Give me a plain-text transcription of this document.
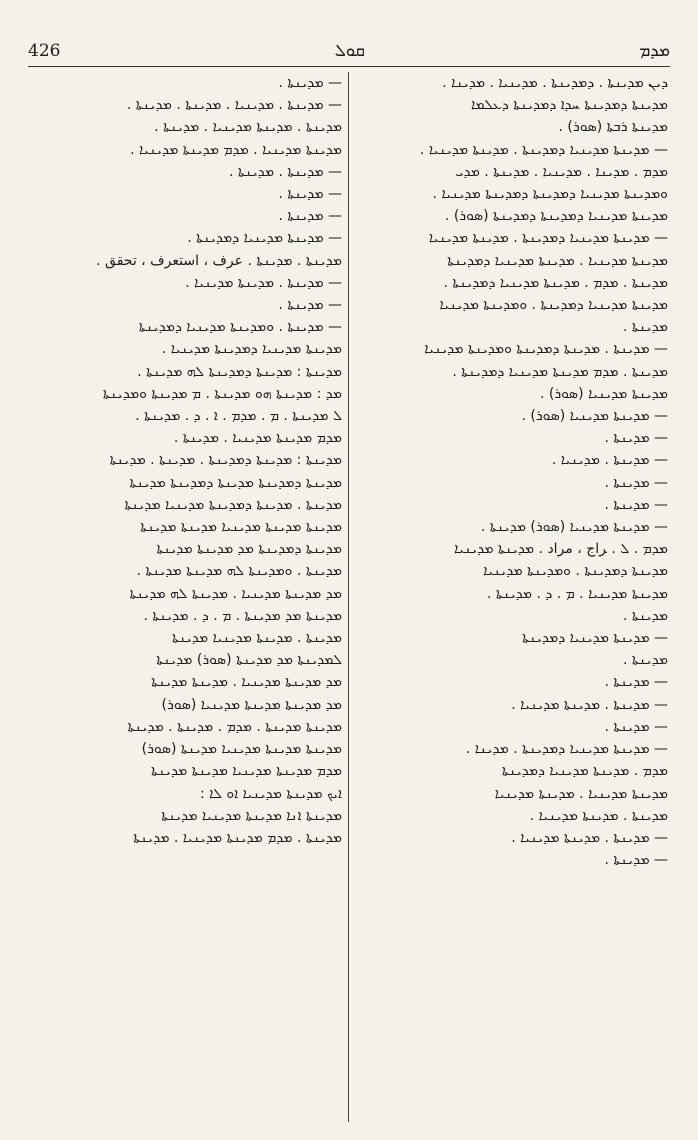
426	ܩܘܠ	ܡܕܡ
ܕܝܢ ܡܕܝܢܬܐ . ܕܡܕܝܢܬܐ . ܡܕܝܢܝܐ . ܡܕܝܢܐ .
ܡܕܝܢܬܐ ܕܡܕܝܢܬܐ ܚܕܐ ܕܡܕܝܢܬܐ ܕܥܠܡܐ
ܡܕܝܢܬܐ ܪܒܬܐ (ܣܘܪ) .
— ܡܕܝܢܬܐ ܡܕܝܢܝܐ ܕܡܕܝܢܬܐ . ܡܕܝܢܬܐ ܡܕܝܢܝܐ .
ܡܕܡ . ܡܕܝܢܐ . ܡܕܝܢܝܐ . ܡܕܝܢܬܐ . ܡܕܝ
ܘܡܕܝܢܬܐ ܡܕܝܢܝܐ ܕܡܕܝܢܬܐ ܕܡܕܝܢܬܐ ܡܕܝܢܝܐ .
ܡܕܝܢܬܐ ܡܕܝܢܝܐ ܕܡܕܝܢܬܐ ܕܡܕܝܢܬܐ (ܣܘܪ) .
— ܡܕܝܢܬܐ ܡܕܝܢܝܐ ܕܡܕܝܢܬܐ . ܡܕܝܢܬܐ ܡܕܝܢܝܐ
ܡܕܝܢܬܐ ܡܕܝܢܝܐ . ܡܕܝܢܬܐ ܡܕܝܢܝܐ ܕܡܕܝܢܬܐ
ܡܕܝܢܬܐ . ܡܕܡ . ܡܕܝܢܬܐ ܡܕܝܢܝܐ ܕܡܕܝܢܬܐ .
ܡܕܝܢܬܐ ܡܕܝܢܝܐ ܕܡܕܝܢܬܐ . ܘܡܕܝܢܬܐ ܡܕܝܢܝܐ
ܡܕܝܢܬܐ .
— ܡܕܝܢܬܐ . ܡܕܝܢܬܐ ܕܡܕܝܢܬܐ ܘܡܕܝܢܬܐ ܡܕܝܢܝܐ
ܡܕܝܢܬܐ . ܡܕܡ ܡܕܝܢܬܐ ܡܕܝܢܝܐ ܕܡܕܝܢܬܐ .
ܡܕܝܢܬܐ ܡܕܝܢܝܐ (ܣܘܪ) .
— ܡܕܝܢܬܐ ܡܕܝܢܝܐ (ܣܘܪ) .
— ܡܕܝܢܬܐ .
— ܡܕܝܢܬܐ . ܡܕܝܢܝܐ .
— ܡܕܝܢܬܐ .
— ܡܕܝܢܬܐ .
— ܡܕܝܢܬܐ ܡܕܝܢܝܐ (ܣܘܪ) ܡܕܝܢܬܐ .
ܡܕܡ . ܠ . ﺮﺍﺝ ، ﻣﺮﺍﺩ . ܡܕܝܢܬܐ ܡܕܝܢܝܐ
ܡܕܝܢܬܐ ܕܡܕܝܢܬܐ . ܘܡܕܝܢܬܐ ܡܕܝܢܝܐ
ܡܕܝܢܬܐ ܡܕܝܢܝܐ . ܡ . ܕ . ܡܕܝܢܬܐ .
ܡܕܝܢܬܐ .
— ܡܕܝܢܬܐ ܡܕܝܢܝܐ ܕܡܕܝܢܬܐ
ܡܕܝܢܬܐ .
— ܡܕܝܢܬܐ .
— ܡܕܝܢܬܐ . ܡܕܝܢܬܐ ܡܕܝܢܝܐ .
— ܡܕܝܢܬܐ .
— ܡܕܝܢܬܐ ܡܕܝܢܝܐ ܕܡܕܝܢܬܐ . ܡܕܝܢܐ .
ܡܕܡ . ܡܕܝܢܬܐ ܡܕܝܢܝܐ ܕܡܕܝܢܬܐ
ܡܕܝܢܬܐ ܡܕܝܢܝܐ . ܡܕܝܢܬܐ ܡܕܝܢܝܐ
ܡܕܝܢܬܐ . ܡܕܝܢܬܐ ܡܕܝܢܝܐ .
— ܡܕܝܢܬܐ . ܡܕܝܢܬܐ ܡܕܝܢܝܐ .
— ܡܕܝܢܬܐ .
— ܡܕܝܢܬܐ .
— ܡܕܝܢܬܐ . ܡܕܝܢܝܐ . ܡܕܝܢܬܐ . ܡܕܝܢܬܐ .
ܡܕܝܢܬܐ . ܡܕܝܢܬܐ ܡܕܝܢܝܐ . ܡܕܝܢܬܐ .
ܡܕܝܢܬܐ ܡܕܝܢܝܐ . ܡܕܡ ܡܕܝܢܬܐ ܡܕܝܢܝܐ .
— ܡܕܝܢܬܐ . ܡܕܝܢܬܐ .
— ܡܕܝܢܬܐ .
— ܡܕܝܢܬܐ .
— ܡܕܝܢܬܐ ܡܕܝܢܝܐ ܕܡܕܝܢܬܐ .
ܡܕܝܢܬܐ . ܡܕܝܢܬܐ . ﻋﺮﻑ ، ﺍﺳﺘﻌﺮﻑ ، ﺗﺤﻘﻖ .
— ܡܕܝܢܬܐ . ܡܕܝܢܬܐ ܡܕܝܢܝܐ .
— ܡܕܝܢܬܐ .
— ܡܕܝܢܬܐ . ܘܡܕܝܢܬܐ ܡܕܝܢܝܐ ܕܡܕܝܢܬܐ
ܡܕܝܢܬܐ ܡܕܝܢܝܐ ܕܡܕܝܢܬܐ ܡܕܝܢܝܐ .
ܡܕܝܢܬܐ : ܡܕܝܢܬܐ ܕܡܕܝܢܬܐ ܠܗ ܡܕܝܢܬܐ .
ܡܕ : ܡܕܝܢܬܐ ܗܘ ܡܕܝܢܬܐ . ܡ ܡܕܝܢܬܐ ܘܡܕܝܢܬܐ
ܠ ܡܕܝܢܬܐ . ܡ . ܡܕܡ . ܐ . ܕ . ܡܕܝܢܬܐ .
ܡܕܡ ܡܕܝܢܬܐ ܡܕܝܢܝܐ . ܡܕܝܢܬܐ .
ܡܕܝܢܬܐ : ܡܕܝܢܬܐ ܕܡܕܝܢܬܐ . ܡܕܝܢܬܐ . ܡܕܝܢܬܐ
ܡܕܝܢܬܐ ܕܡܕܝܢܬܐ ܡܕܝܢܬܐ ܕܡܕܝܢܬܐ ܡܕܝܢܬܐ
ܡܕܝܢܬܐ . ܡܕܝܢܬܐ ܕܡܕܝܢܬܐ ܡܕܝܢܝܐ ܡܕܝܢܬܐ
ܡܕܝܢܬܐ ܡܕܝܢܬܐ ܡܕܝܢܝܐ ܡܕܝܢܬܐ ܡܕܝܢܬܐ
ܡܕܝܢܬܐ ܕܡܕܝܢܬܐ ܡܕ ܡܕܝܢܬܐ ܡܕܝܢܬܐ
ܡܕܝܢܬܐ . ܘܡܕܝܢܬܐ ܠܗ ܡܕܝܢܬܐ ܡܕܝܢܬܐ .
ܡܕ ܡܕܝܢܬܐ ܡܕܝܢܝܐ . ܡܕܝܢܬܐ ܠܗ ܡܕܝܢܬܐ
ܡܕܝܢܬܐ ܡܕ ܡܕܝܢܬܐ . ܡ . ܕ . ܡܕܝܢܬܐ .
ܡܕܝܢܬܐ . ܡܕܝܢܬܐ ܡܕܝܢܝܐ ܡܕܝܢܬܐ
ܠܡܕܝܢܬܐ ܡܕ ܡܕܝܢܬܐ (ܣܘܪ) ܡܕܝܢܬܐ
ܡܕ ܡܕܝܢܬܐ ܡܕܝܢܝܐ . ܡܕܝܢܬܐ ܡܕܝܢܬܐ
ܡܕ ܡܕܝܢܬܐ ܡܕܝܢܬܐ ܡܕܝܢܝܐ (ܣܘܪ)
ܡܕܝܢܬܐ ܡܕܝܢܬܐ . ܡܕܡ . ܡܕܝܢܬܐ . ܡܕܝܢܬܐ
ܡܕܝܢܬܐ ܡܕܝܢܬܐ ܡܕܝܢܝܐ ܡܕܝܢܬܐ (ܣܘܪ)
ܡܕܡ ܡܕܝܢܬܐ ܡܕܝܢܝܐ ܡܕܝܢܬܐ ܡܕܝܢܬܐ
ܐܝܟ ܡܕܝܢܬܐ ܡܕܝܢܝܐ ܐܘ ܠܐ :
ܡܕܝܢܬܐ ܐܢܐ ܡܕܝܢܬܐ ܡܕܝܢܝܐ ܡܕܝܢܬܐ
ܡܕܝܢܬܐ . ܡܕܡ ܡܕܝܢܬܐ ܡܕܝܢܝܐ . ܡܕܝܢܬܐ
